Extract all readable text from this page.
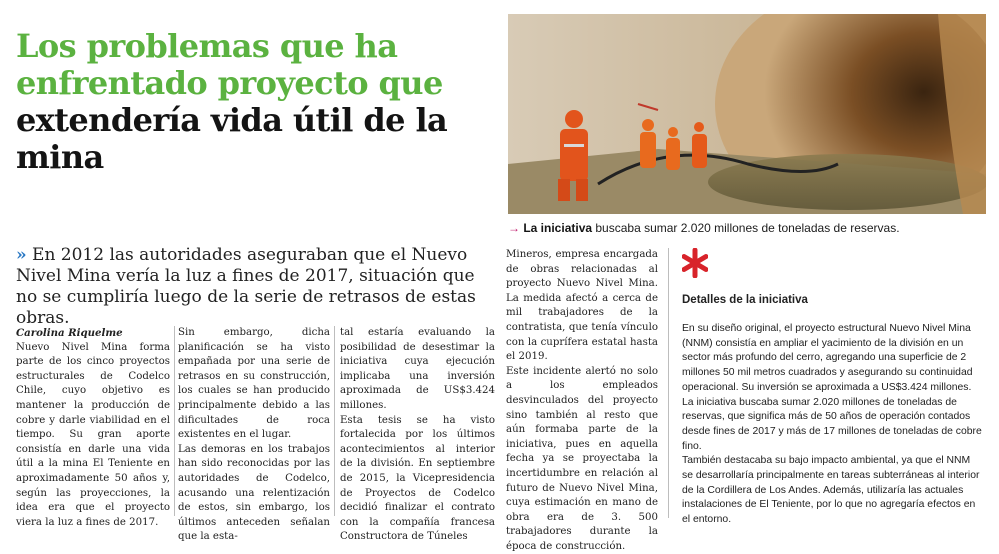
Los problemas que ha
enfrentado proyecto que
extendería vida útil de la
mina
→ La iniciativa buscaba sumar 2.020 millones de toneladas de reservas.
» En 2012 las autoridades aseguraban que el Nuevo Nivel Mina vería la luz a fines de 2017, situación que no se cumpliría luego de la serie de retrasos de estas obras.

Carolina Riquelme

Nuevo Nivel Mina forma parte de los cinco proyectos estructurales de Codelco Chile, cuyo objetivo es mantener la producción de cobre y darle viabilidad en el tiempo. Su gran aporte consistía en darle una vida útil a la mina El Teniente en aproximadamente 50 años y, según las proyecciones, la idea era que el proyecto viera la luz a fines de 2017.

Sin embargo, dicha planificación se ha visto empañada por una serie de retrasos en su construcción, los cuales se han producido principalmente debido a las dificultades de roca existentes en el lugar.

Las demoras en los trabajos han sido reconocidas por las autoridades de Codelco, acusando una relentización de estos, sin embargo, los últimos anteceden señalan que la esta-

tal estaría evaluando la posibilidad de desestimar la iniciativa cuya ejecución implicaba una inversión aproximada de US$3.424 millones.

Esta tesis se ha visto fortalecida por los últimos acontecimientos al interior de la división. En septiembre de 2015, la Vicepresidencia de Proyectos de Codelco decidió finalizar el contrato con la compañía francesa Constructora de Túneles

Mineros, empresa encargada de obras relacionadas al proyecto Nuevo Nivel Mina. La medida afectó a cerca de mil trabajadores de la contratista, que tenía vínculo con la cuprífera estatal hasta el 2019.

Este incidente alertó no solo a los empleados desvinculados del proyecto sino también al resto que aún formaba parte de la iniciativa, pues en aquella fecha ya se proyectaba la incertidumbre en relación al futuro de Nuevo Nivel Mina, cuya estimación en mano de obra era de 3. 500 trabajadores durante la época de construcción.

Detalles de la iniciativa

En su diseño original, el proyecto estructural Nuevo Nivel Mina (NNM) consistía en ampliar el yacimiento de la división en un sector más profundo del cerro, agregando una superficie de 2 millones 50 mil metros cuadrados y asegurando su continuidad operacional. Su inversión se aproximada a US$3.424 millones.

La iniciativa buscaba sumar 2.020 millones de toneladas de reservas, que significa más de 50 años de operación contados desde fines de 2017 y más de 17 millones de toneladas de cobre fino.

También destacaba su bajo impacto ambiental, ya que el NNM se desarrollaría principalmente en tareas subterráneas al interior de la Cordillera de Los Andes. Además, utilizaría las actuales instalaciones de El Teniente, por lo que no agregaría efectos en el entorno.
